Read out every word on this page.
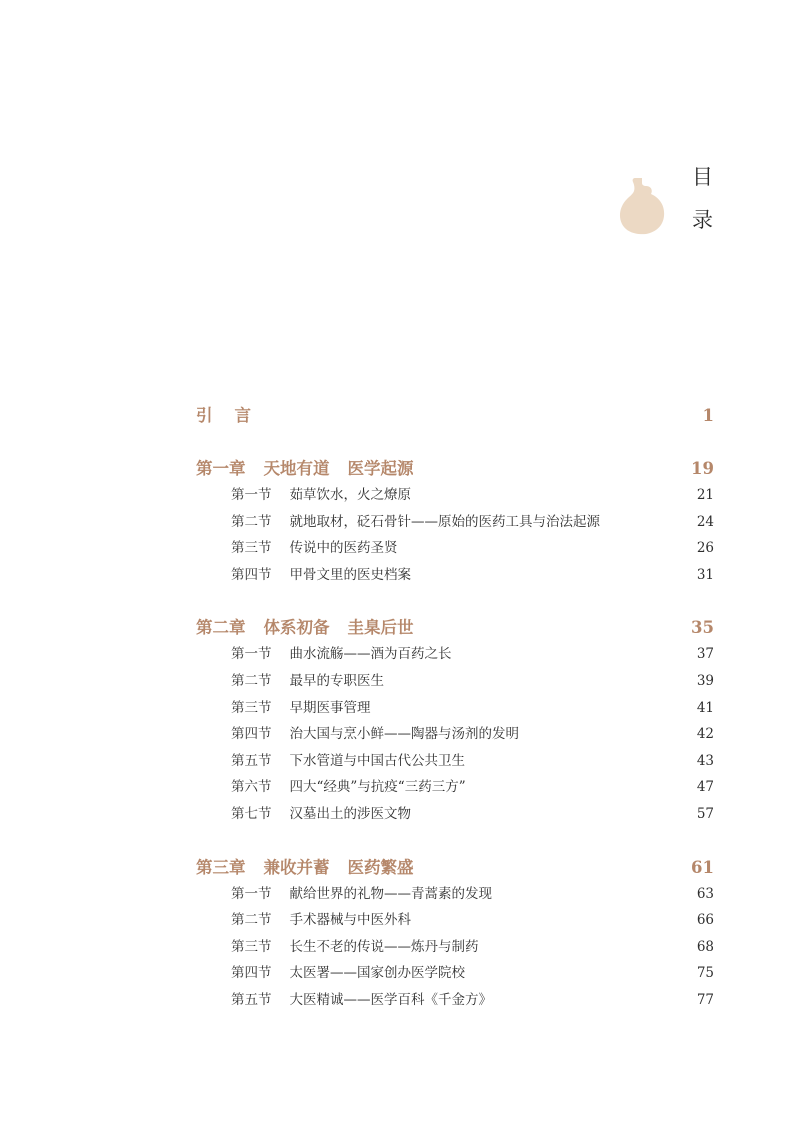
目
录
引 言	1
第一章 天地有道 医学起源	19
第一节 茹草饮水，火之燎原	21
第二节 就地取材，砭石骨针——原始的医药工具与治法起源	24
第三节 传说中的医药圣贤	26
第四节 甲骨文里的医史档案	31
第二章 体系初备 圭臬后世	35
第一节 曲水流觞——酒为百药之长	37
第二节 最早的专职医生	39
第三节 早期医事管理	41
第四节 治大国与烹小鲜——陶器与汤剂的发明	42
第五节 下水管道与中国古代公共卫生	43
第六节 四大“经典”与抗疫“三药三方”	47
第七节 汉墓出土的涉医文物	57
第三章 兼收并蓄 医药繁盛	61
第一节 献给世界的礼物——青蒿素的发现	63
第二节 手术器械与中医外科	66
第三节 长生不老的传说——炼丹与制药	68
第四节 太医署——国家创办医学院校	75
第五节 大医精诚——医学百科《千金方》	77
